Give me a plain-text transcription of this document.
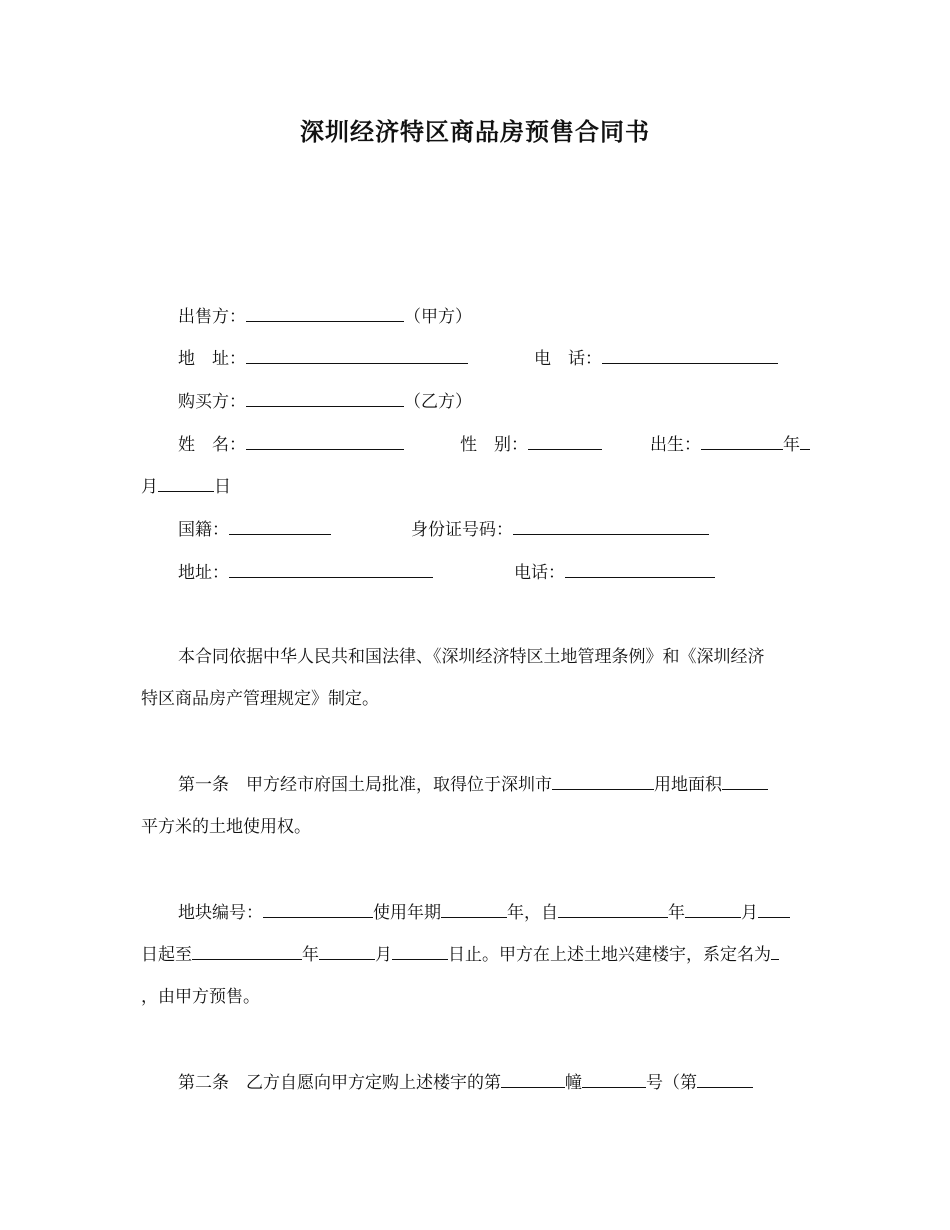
深圳经济特区商品房预售合同书
出售方：	（甲方）
地　址：	电　话：
购买方：	（乙方）
姓　名：	性　别：	出生：	年
月	日
国籍：	身份证号码：
地址：	电话：
本合同依据中华人民共和国法律、《深圳经济特区土地管理条例》和《深圳经济
特区商品房产管理规定》制定。
第一条　 甲方经市府国土局批准，取得位于深圳市	用地面积
平方米的土地使用权。
地块编号：	使用年期	年，自	年	月
日起至	年	月	日止。甲方在上述土地兴建楼宇，系定名为
，由甲方预售。
第二条　 乙方自愿向甲方定购上述楼宇的第	幢	号（第
